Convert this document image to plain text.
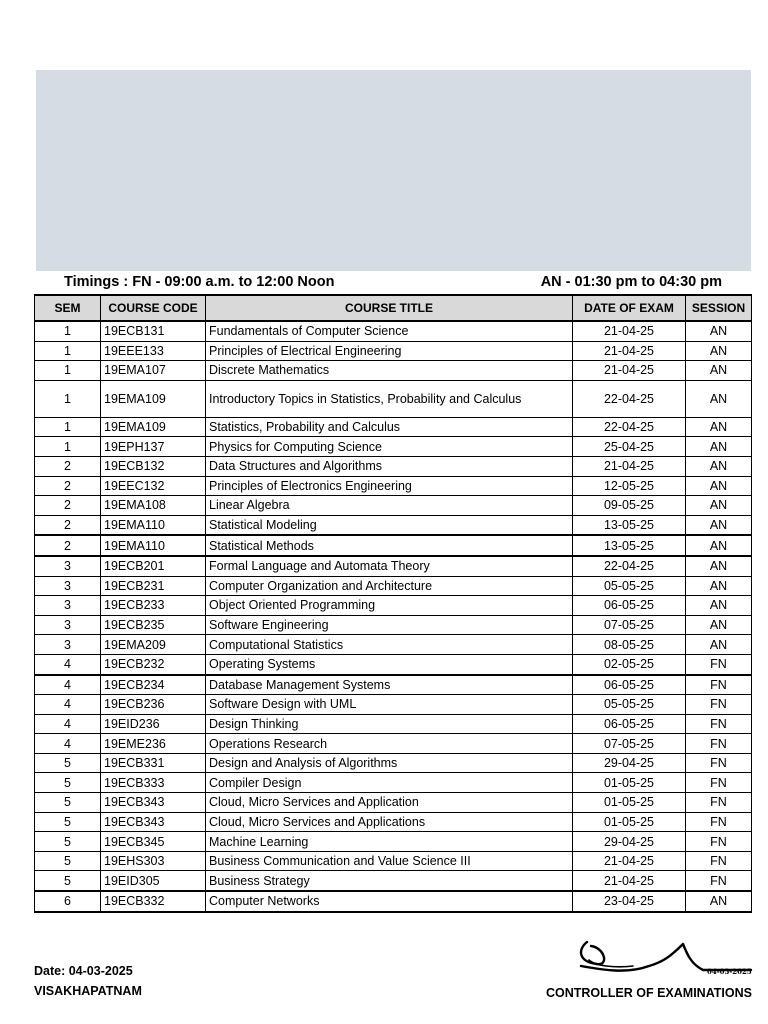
Timings : FN - 09:00 a.m. to 12:00 Noon	AN - 01:30 pm to 04:30 pm
SEM	COURSE CODE	COURSE TITLE	DATE OF EXAM	SESSION
1	19ECB131	Fundamentals of Computer Science	21-04-25	AN
1	19EEE133	Principles of Electrical Engineering	21-04-25	AN
1	19EMA107	Discrete Mathematics	21-04-25	AN
1	19EMA109	Introductory Topics in Statistics, Probability and Calculus	22-04-25	AN
1	19EMA109	Statistics, Probability and Calculus	22-04-25	AN
1	19EPH137	Physics for Computing Science	25-04-25	AN
2	19ECB132	Data Structures and Algorithms	21-04-25	AN
2	19EEC132	Principles of Electronics Engineering	12-05-25	AN
2	19EMA108	Linear Algebra	09-05-25	AN
2	19EMA110	Statistical Modeling	13-05-25	AN
2	19EMA110	Statistical Methods	13-05-25	AN
3	19ECB201	Formal Language and Automata Theory	22-04-25	AN
3	19ECB231	Computer Organization and Architecture	05-05-25	AN
3	19ECB233	Object Oriented Programming	06-05-25	AN
3	19ECB235	Software Engineering	07-05-25	AN
3	19EMA209	Computational Statistics	08-05-25	AN
4	19ECB232	Operating Systems	02-05-25	FN
4	19ECB234	Database Management Systems	06-05-25	FN
4	19ECB236	Software Design with UML	05-05-25	FN
4	19EID236	Design Thinking	06-05-25	FN
4	19EME236	Operations Research	07-05-25	FN
5	19ECB331	Design and Analysis of Algorithms	29-04-25	FN
5	19ECB333	Compiler Design	01-05-25	FN
5	19ECB343	Cloud, Micro Services and Application	01-05-25	FN
5	19ECB343	Cloud, Micro Services and Applications	01-05-25	FN
5	19ECB345	Machine Learning	29-04-25	FN
5	19EHS303	Business Communication and Value Science III	21-04-25	FN
5	19EID305	Business Strategy	21-04-25	FN
6	19ECB332	Computer Networks	23-04-25	AN
Date: 04-03-2025
VISAKHAPATNAM
04-03-2025
CONTROLLER OF EXAMINATIONS
